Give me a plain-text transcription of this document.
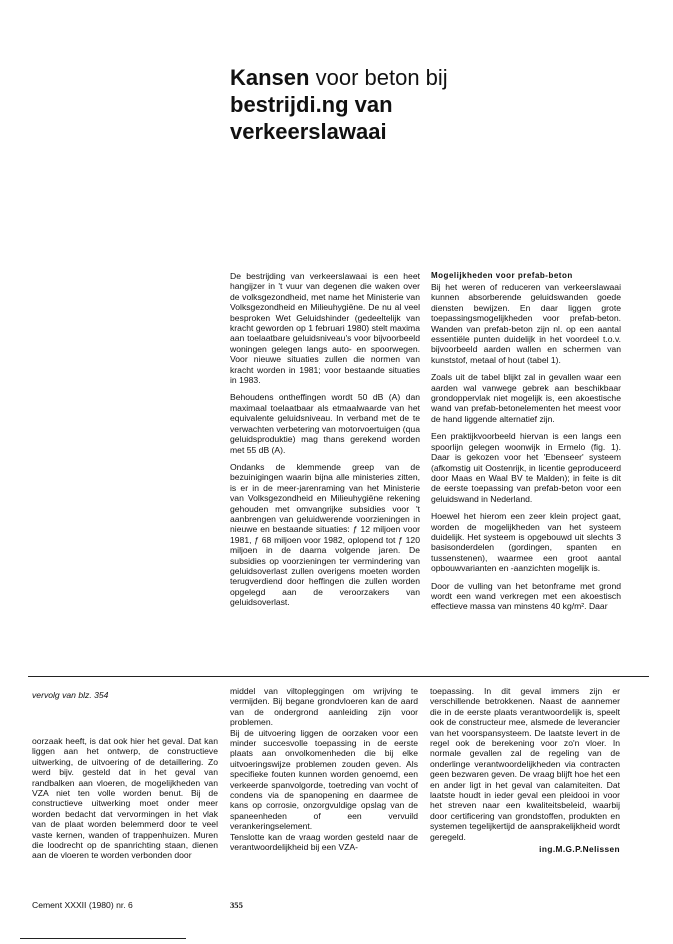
Kansen voor beton bij
bestrijdi.ng van
verkeerslawaai

De bestrijding van verkeerslawaai is een heet hangijzer in 't vuur van degenen die waken over de volksgezondheid, met name het Ministerie van Volksgezondheid en Milieuhygiëne. De nu al veel besproken Wet Geluidshinder (gedeeltelijk van kracht geworden op 1 februari 1980) stelt maxima aan toelaatbare geluidsniveau's voor bijvoorbeeld woningen gelegen langs auto- en spoorwegen. Voor nieuwe situaties zullen die normen van kracht worden in 1981; voor bestaande situaties in 1983.

Behoudens ontheffingen wordt 50 dB (A) dan maximaal toelaatbaar als etmaalwaarde van het equivalente geluidsniveau. In verband met de te verwachten verbetering van motorvoertuigen (qua geluidsproduktie) mag thans gerekend worden met 55 dB (A).

Ondanks de klemmende greep van de bezuinigingen waarin bijna alle ministeries zitten, is er in de meer-jarenraming van het Ministerie van Volksgezondheid en Milieuhygiëne rekening gehouden met omvangrijke subsidies voor 't aanbrengen van geluidwerende voorzieningen in nieuwe en bestaande situaties: ƒ 12 miljoen voor 1981, ƒ 68 miljoen voor 1982, oplopend tot ƒ 120 miljoen in de daarna volgende jaren. De subsidies op voorzieningen ter vermindering van geluidsoverlast zullen overigens moeten worden terugverdiend door heffingen die zullen worden opgelegd aan de veroorzakers van geluidsoverlast.

Mogelijkheden voor prefab-beton

Bij het weren of reduceren van verkeerslawaai kunnen absorberende geluidswanden goede diensten bewijzen. En daar liggen grote toepassingsmogelijkheden voor prefab-beton. Wanden van prefab-beton zijn nl. op een aantal essentiële punten duidelijk in het voordeel t.o.v. bijvoorbeeld aarden wallen en schermen van kunststof, metaal of hout (tabel 1).

Zoals uit de tabel blijkt zal in gevallen waar een aarden wal vanwege gebrek aan beschikbaar grondoppervlak niet mogelijk is, een akoestische wand van prefab-betonelementen het meest voor de hand liggende alternatief zijn.

Een praktijkvoorbeeld hiervan is een langs een spoorlijn gelegen woonwijk in Ermelo (fig. 1). Daar is gekozen voor het 'Ebenseer' systeem (afkomstig uit Oostenrijk, in licentie geproduceerd door Maas en Waal BV te Malden); in feite is dit de eerste toepassing van prefab-beton voor een geluidswand in Nederland.

Hoewel het hierom een zeer klein project gaat, worden de mogelijkheden van het systeem duidelijk. Het systeem is opgebouwd uit slechts 3 basisonderdelen (gordingen, spanten en tussenstenen), waarmee een groot aantal opbouwvarianten en -aanzichten mogelijk is.

Door de vulling van het betonframe met grond wordt een wand verkregen met een akoestisch effectieve massa van minstens 40 kg/m². Daar

vervolg van blz. 354

oorzaak heeft, is dat ook hier het geval. Dat kan liggen aan het ontwerp, de constructieve uitwerking, de uitvoering of de detaillering. Zo werd bijv. gesteld dat in het geval van randbalken aan vloeren, de mogelijkheden van VZA niet ten volle worden benut. Bij de constructieve uitwerking moet onder meer worden bedacht dat vervormingen in het vlak van de plaat worden belemmerd door te veel vaste kernen, wanden of trappenhuizen. Muren die loodrecht op de spanrichting staan, dienen aan de vloeren te worden verbonden door

middel van viltopleggingen om wrijving te vermijden. Bij begane grondvloeren kan de aard van de ondergrond aanleiding zijn voor problemen.

Bij de uitvoering liggen de oorzaken voor een minder succesvolle toepassing in de eerste plaats aan onvolkomenheden die bij elke uitvoeringswijze problemen zouden geven. Als specifieke fouten kunnen worden genoemd, een verkeerde spanvolgorde, toetreding van vocht of condens via de spanopening en daarmee de kans op corrosie, onzorgvuldige opslag van de spaneenheden of een vervuild verankeringselement.

Tenslotte kan de vraag worden gesteld naar de verantwoordelijkheid bij een VZA-

toepassing. In dit geval immers zijn er verschillende betrokkenen. Naast de aannemer die in de eerste plaats verantwoordelijk is, speelt ook de constructeur mee, alsmede de leverancier van het voorspansysteem. De laatste levert in de regel ook de berekening voor zo'n vloer. In normale gevallen zal de regeling van de onderlinge verantwoordelijkheden via contracten geen bezwaren geven. De vraag blijft hoe het een en ander ligt in het geval van calamiteiten. Dat laatste houdt in ieder geval een pleidooi in voor het streven naar een kwaliteitsbeleid, waarbij door certificering van grondstoffen, produkten en systemen tegelijkertijd de aansprakelijkheid wordt geregeld.

ing.M.G.P.Nelissen
Cement XXXII (1980) nr. 6	355
